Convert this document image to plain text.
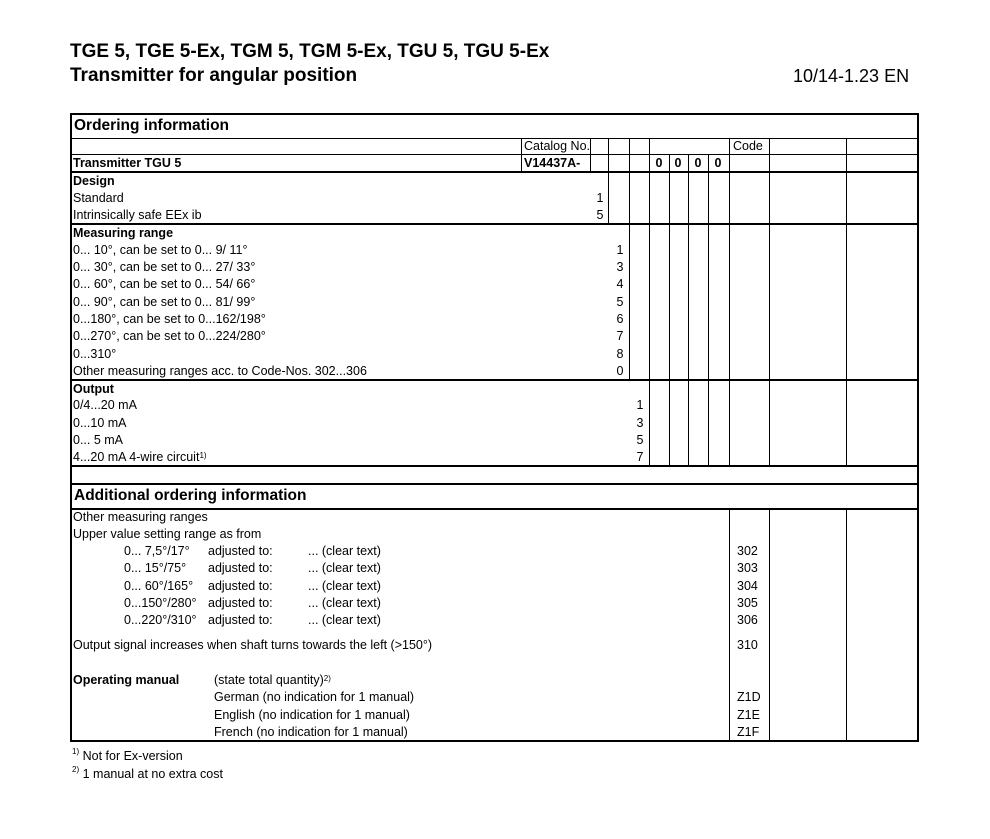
TGE 5, TGE 5-Ex, TGM 5, TGM 5-Ex, TGU 5, TGU 5-Ex
Transmitter for angular position	10/14-1.23 EN
Ordering information
Catalog No.	Code
Transmitter TGU 5	V14437A-	0 0 0 0
Design
Standard	1
Intrinsically safe EEx ib	5
Measuring range
0... 10°, can be set to 0... 9/ 11°	1
0... 30°, can be set to 0... 27/ 33°	3
0... 60°, can be set to 0... 54/ 66°	4
0... 90°, can be set to 0... 81/ 99°	5
0...180°, can be set to 0...162/198°	6
0...270°, can be set to 0...224/280°	7
0...310°	8
Other measuring ranges acc. to Code-Nos. 302...306	0
Output
0/4...20 mA	1
0...10 mA	3
0... 5 mA	5
4...20 mA 4-wire circuit$^{1)}$	7
Additional ordering information
Other measuring ranges
Upper value setting range as from
0... 7,5°/17° adjusted to:	... (clear text)	302
0... 15°/75° adjusted to:	... (clear text)	303
0... 60°/165° adjusted to:	... (clear text)	304
0...150°/280° adjusted to:	... (clear text)	305
0...220°/310° adjusted to:	... (clear text)	306
Output signal increases when shaft turns towards the left (>150°)	310
Operating manual	(state total quantity)$^{2)}$
German (no indication for 1 manual)	Z1D
English (no indication for 1 manual)	Z1E
French (no indication for 1 manual)	Z1F
$^{1)}$ Not for Ex-version
$^{2)}$ 1 manual at no extra cost
